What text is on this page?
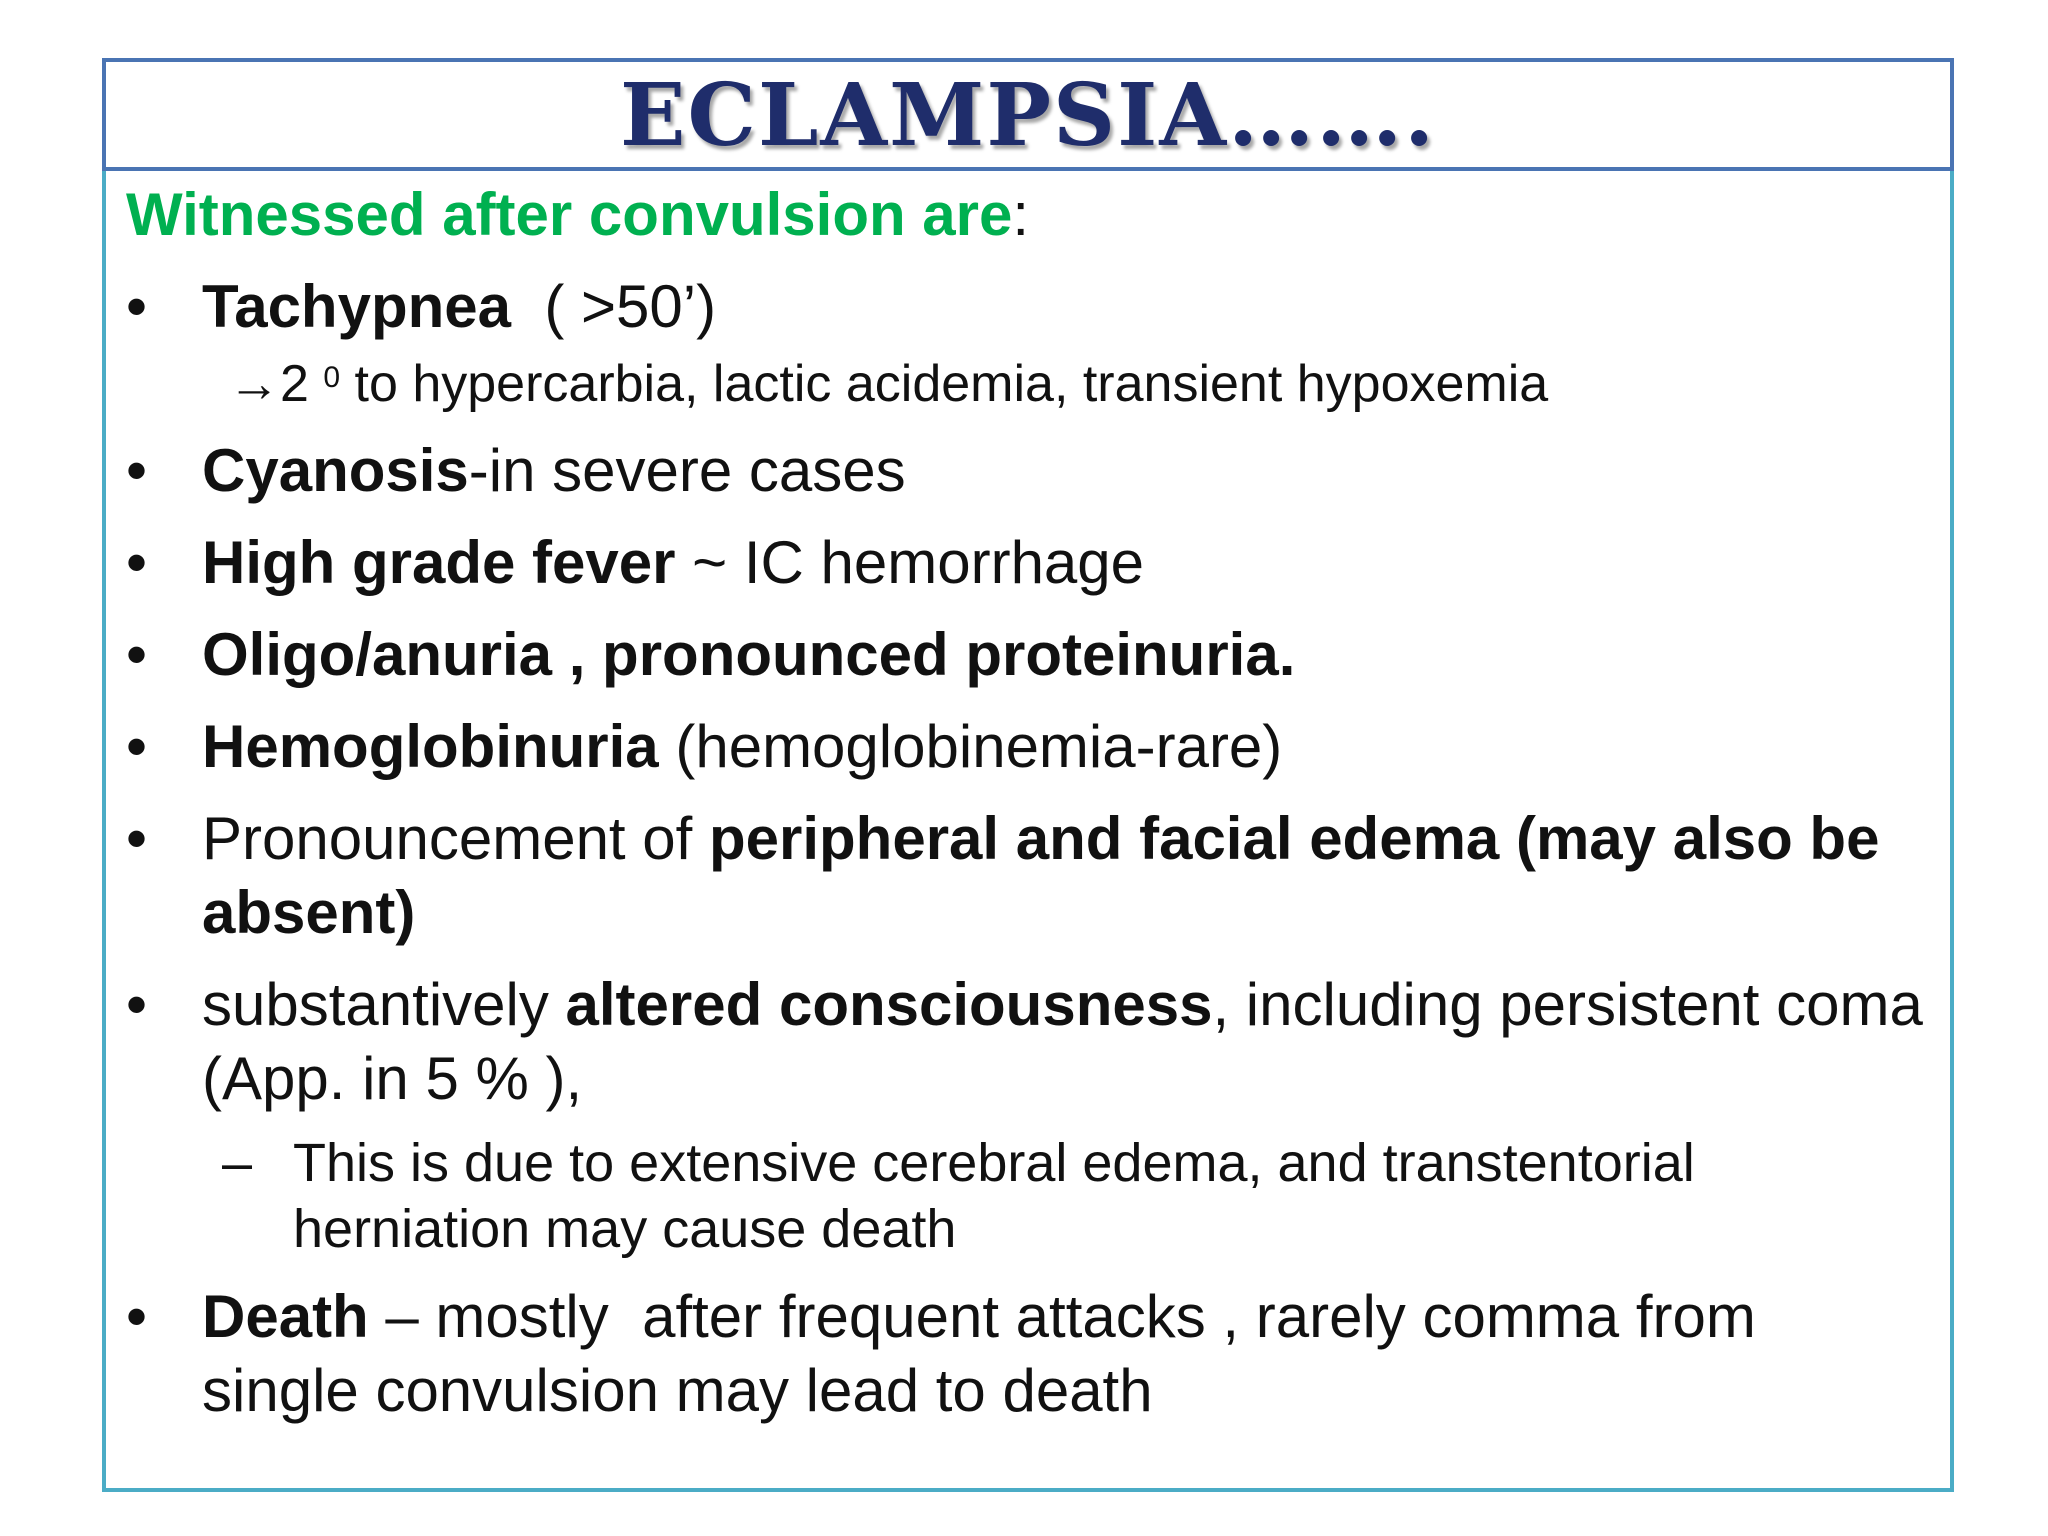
ECLAMPSIA…….

Witnessed after convulsion are:

• Tachypnea  ( >50’)
→2 $^0$ to hypercarbia, lactic acidemia, transient hypoxemia
• Cyanosis-in severe cases
• High grade fever ~ IC hemorrhage
• Oligo/anuria , pronounced proteinuria.
• Hemoglobinuria (hemoglobinemia-rare)
• Pronouncement of peripheral and facial edema (may also be absent)
• substantively altered consciousness, including persistent coma (App. in 5 % ),
– This is due to extensive cerebral edema, and transtentorial herniation may cause death
• Death – mostly  after frequent attacks , rarely comma from  single convulsion may lead to death
